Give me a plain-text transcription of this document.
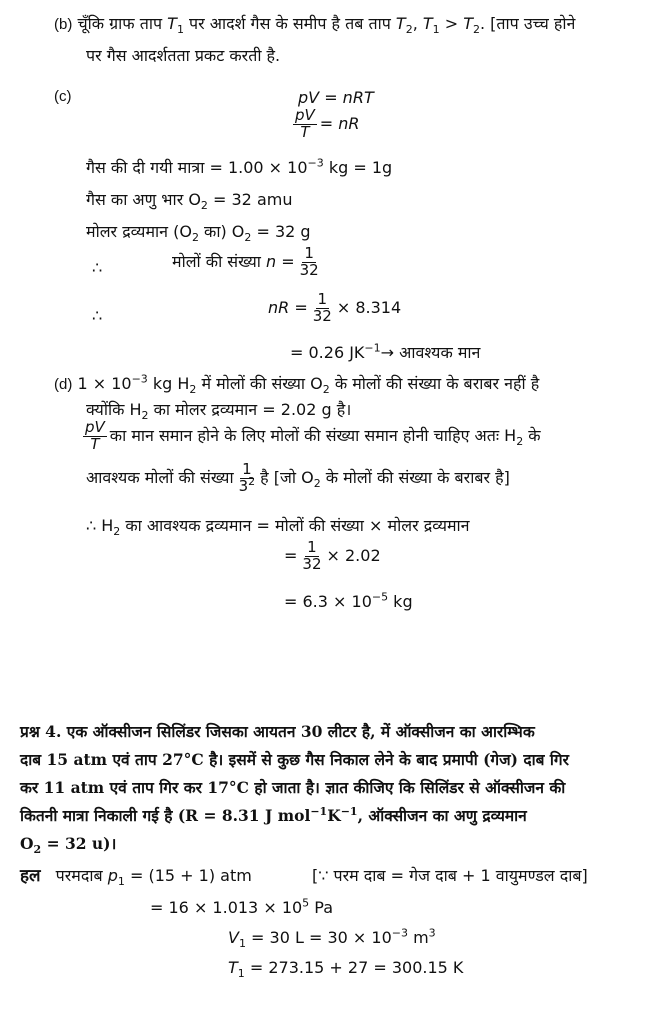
(b) चूँकि ग्राफ ताप $T_1$ पर आदर्श गैस के समीप है तब ताप $T_2$, $T_1 > T_2$. [ताप उच्च होने
पर गैस आदर्शतता प्रकट करती है.
(c)	pV = nRT
$\frac{pV}{T}$ = nR
गैस की दी गयी मात्रा = $1.00 \times 10^{-3}$ kg = 1g
गैस का अणु भार $O_2 = 32$ amu
मोलर द्रव्यमान ($O_2$ का) $O_2 = 32$ g
∴	मोलों की संख्या $n = \frac{1}{32}$
∴	nR = $\frac{1}{32} \times 8.314$
= 0.26 $JK^{-1}\to$ आवश्यक मान
(d) $1 \times 10^{-3}$ kg $H_2$ में मोलों की संख्या $O_2$ के मोलों की संख्या के बराबर नहीं है
क्योंकि $H_2$ का मोलर द्रव्यमान = 2.02 g है।
$\frac{pV}{T}$ का मान समान होने के लिए मोलों की संख्या समान होनी चाहिए अतः $H_2$ के
आवश्यक मोलों की संख्या $\frac{1}{3^2}$ है [जो $O_2$ के मोलों की संख्या के बराबर है]
∴ $H_2$ का आवश्यक द्रव्यमान = मोलों की संख्या × मोलर द्रव्यमान
= $\frac{1}{32} \times 2.02$
= $6.3 \times 10^{-5}$ kg
प्रश्न 4. एक ऑक्सीजन सिलिंडर जिसका आयतन 30 लीटर है, में ऑक्सीजन का आरम्भिक
दाब 15 atm एवं ताप 27°C है। इसमें से कुछ गैस निकाल लेने के बाद प्रमापी (गेज) दाब गिर
कर 11 atm एवं ताप गिर कर 17°C हो जाता है। ज्ञात कीजिए कि सिलिंडर से ऑक्सीजन की
कितनी मात्रा निकाली गई है (R = 8.31 J $mol^{-1}K^{-1}$, ऑक्सीजन का अणु द्रव्यमान
$O_2 = 32$ u)।
हल परमदाब $p_1 = (15 + 1)$ atm	[∵ परम दाब = गेज दाब + 1 वायुमण्डल दाब]
= $16 \times 1.013 \times 10^5$ Pa
$V_1 = 30$ $L = 30 \times 10^{-3}$ $m^3$
$T_1 = 273.15 + 27 = 300.15$ K
